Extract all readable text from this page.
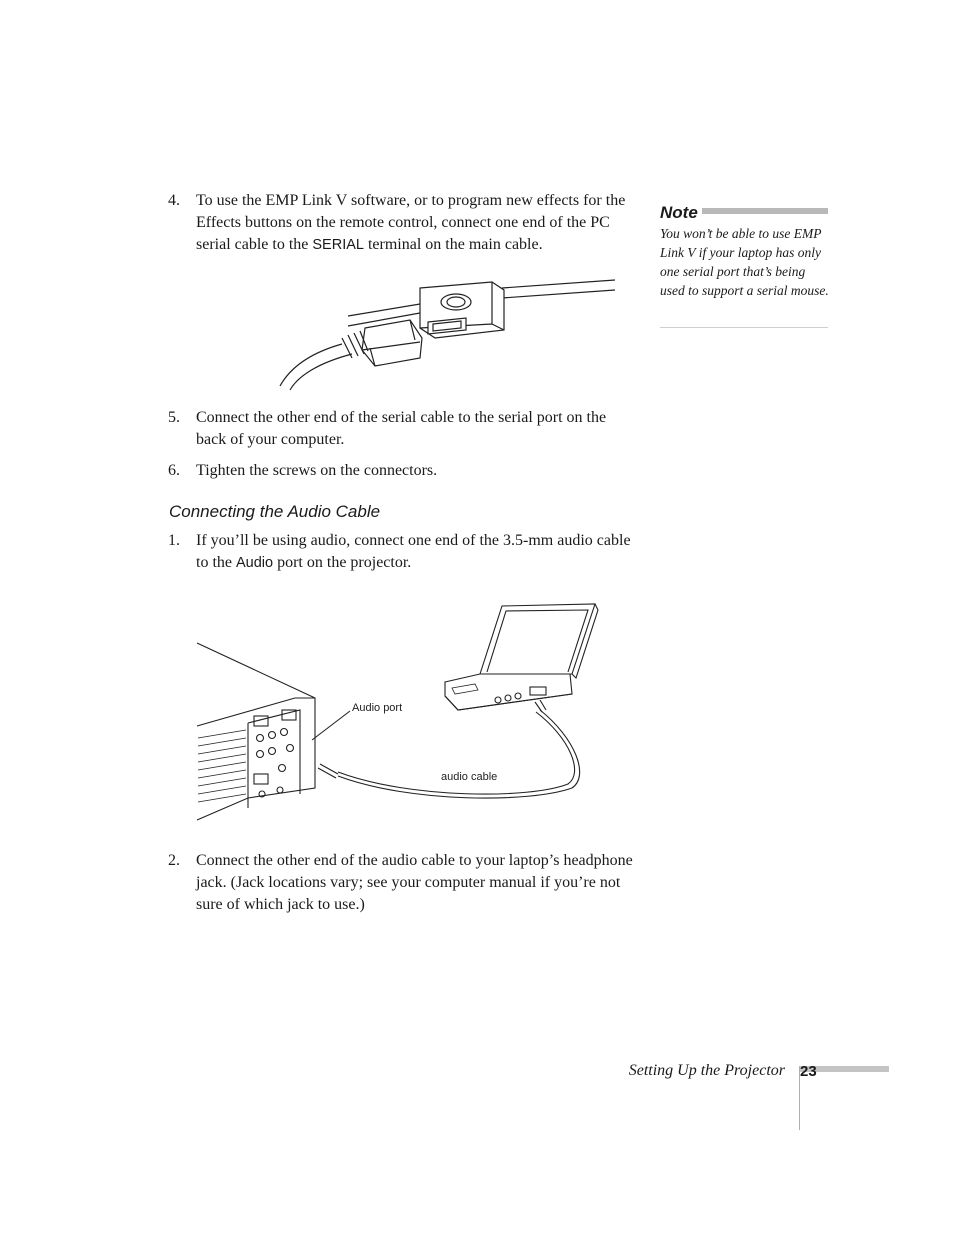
4. To use the EMP Link V software, or to program new effects for the Effects buttons on the remote control, connect one end of the PC serial cable to the SERIAL terminal on the main cable.
Note
You won’t be able to use EMP Link V if your laptop has only one serial port that’s being used to support a serial mouse.
5. Connect the other end of the serial cable to the serial port on the back of your computer.
6. Tighten the screws on the connectors.
Connecting the Audio Cable
1. If you’ll be using audio, connect one end of the 3.5-mm audio cable to the Audio port on the projector.
Audio port
audio cable
2. Connect the other end of the audio cable to your laptop’s headphone jack. (Jack locations vary; see your computer manual if you’re not sure of which jack to use.)
Setting Up the Projector 23
